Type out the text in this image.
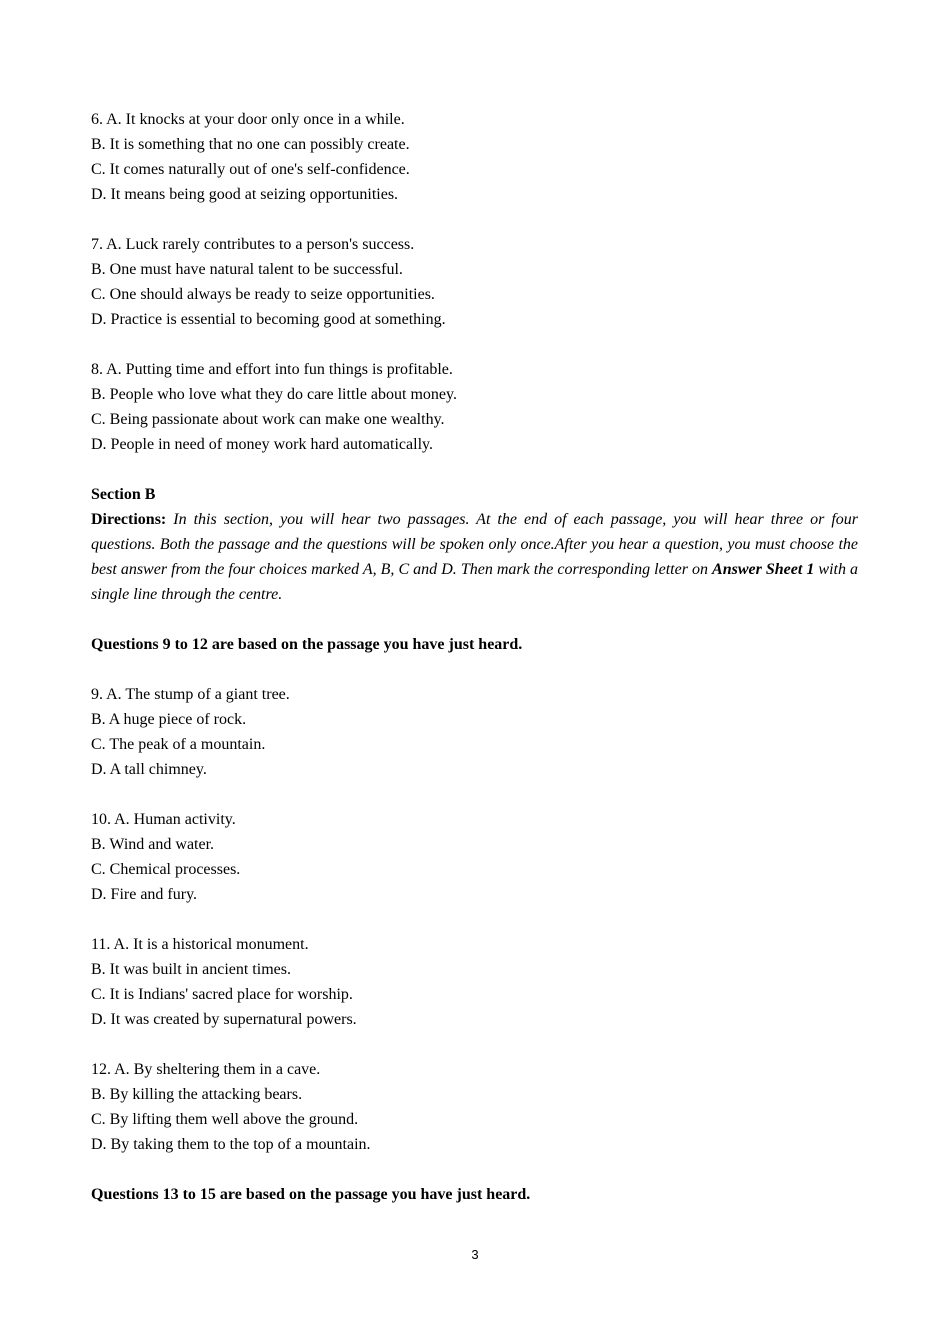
6. A. It knocks at your door only once in a while.
B. It is something that no one can possibly create.
C. It comes naturally out of one's self-confidence.
D. It means being good at seizing opportunities.
7. A. Luck rarely contributes to a person's success.
B. One must have natural talent to be successful.
C. One should always be ready to seize opportunities.
D. Practice is essential to becoming good at something.
8. A. Putting time and effort into fun things is profitable.
B. People who love what they do care little about money.
C. Being passionate about work can make one wealthy.
D. People in need of money work hard automatically.
Section B
Directions: In this section, you will hear two passages. At the end of each passage, you will hear three or four questions. Both the passage and the questions will be spoken only once.After you hear a question, you must choose the best answer from the four choices marked A, B, C and D. Then mark the corresponding letter on Answer Sheet 1 with a single line through the centre.
Questions 9 to 12 are based on the passage you have just heard.
9. A. The stump of a giant tree.
B. A huge piece of rock.
C. The peak of a mountain.
D. A tall chimney.
10. A. Human activity.
B. Wind and water.
C. Chemical processes.
D. Fire and fury.
11. A. It is a historical monument.
B. It was built in ancient times.
C. It is Indians' sacred place for worship.
D. It was created by supernatural powers.
12. A. By sheltering them in a cave.
B. By killing the attacking bears.
C. By lifting them well above the ground.
D. By taking them to the top of a mountain.
Questions 13 to 15 are based on the passage you have just heard.
3
